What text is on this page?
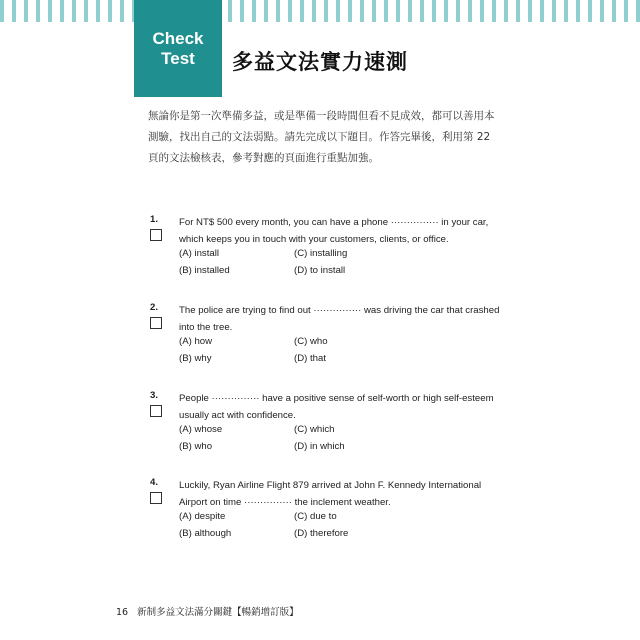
Check
Test 多益文法實力速測
無論你是第一次準備多益，或是準備一段時間但看不見成效，都可以善用本測驗，找出自己的文法弱點。請先完成以下題目。作答完畢後，利用第 22 頁的文法檢核表，參考對應的頁面進行重點加強。
1. For NT$ 500 every month, you can have a phone ··············· in your car, which keeps you in touch with your customers, clients, or office.
(A) install	(C) installing
(B) installed	(D) to install
2. The police are trying to find out ··············· was driving the car that crashed into the tree.
(A) how	(C) who
(B) why	(D) that
3. People ··············· have a positive sense of self-worth or high self-esteem usually act with confidence.
(A) whose	(C) which
(B) who	(D) in which
4. Luckily, Ryan Airline Flight 879 arrived at John F. Kennedy International Airport on time ··············· the inclement weather.
(A) despite	(C) due to
(B) although	(D) therefore
16 新制多益文法滿分關鍵【暢銷增訂版】
